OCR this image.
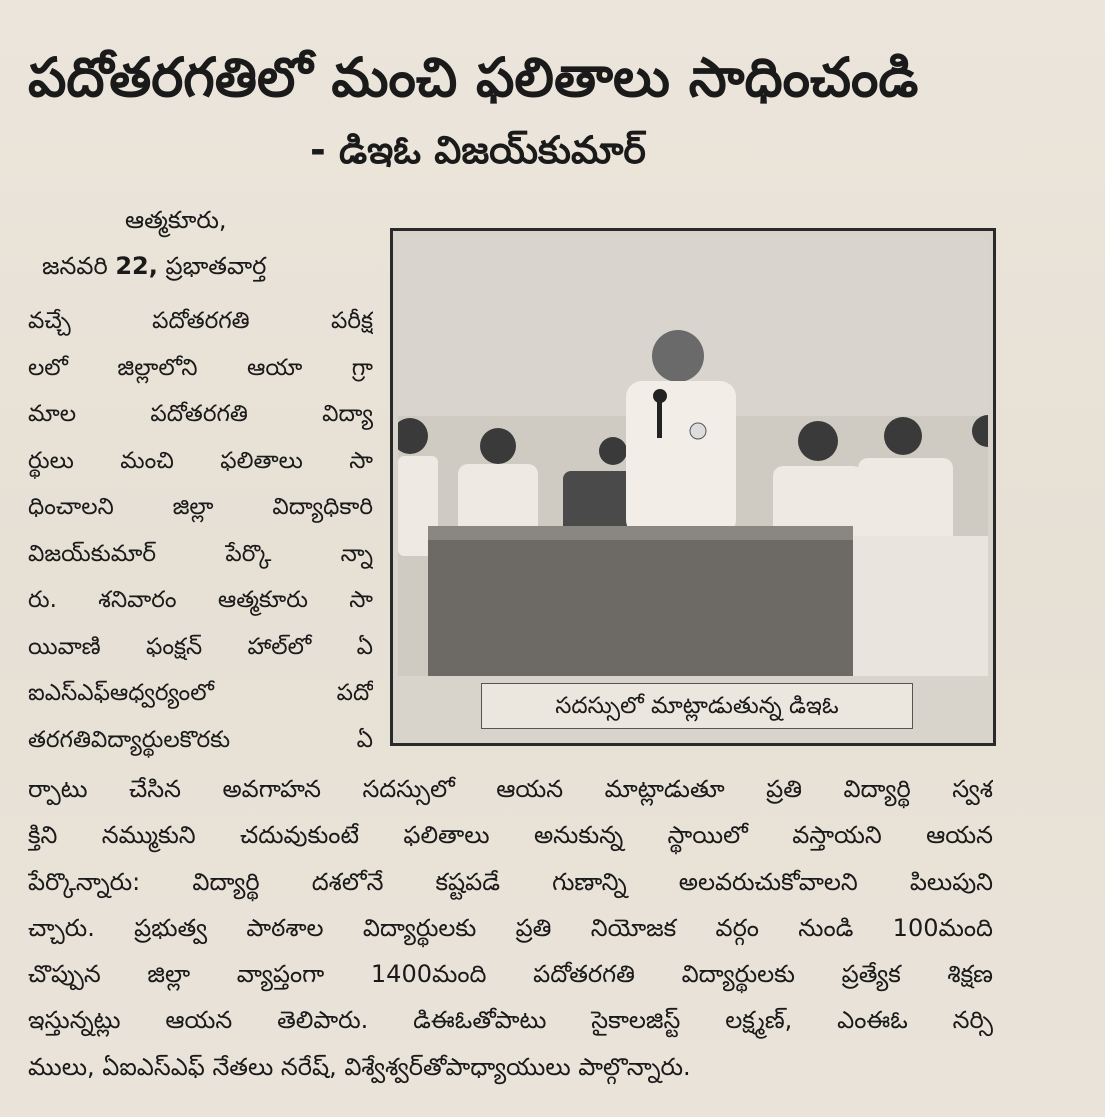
పదోతరగతిలో మంచి ఫలితాలు సాధించండి
- డిఇఓ విజయ్‌కుమార్
ఆత్మకూరు,
జనవరి 22, ప్రభాతవార్త
వచ్చే పదోతరగతి పరీక్ష
లలో జిల్లాలోని ఆయా గ్రా
మాల పదోతరగతి విద్యా
ర్థులు మంచి ఫలితాలు సా
ధించాలని జిల్లా విద్యాధికారి
విజయ్‌కుమార్ పేర్కొ న్నా
రు. శనివారం ఆత్మకూరు సా
యివాణి ఫంక్షన్ హాల్‌లో ఏ
ఐఎస్ఎఫ్ఆధ్వర్యంలో పదో
తరగతివిద్యార్థులకొరకు ఏ
సదస్సులో మాట్లాడుతున్న డిఇఓ
ర్పాటు చేసిన అవగాహన సదస్సులో ఆయన మాట్లాడుతూ ప్రతి విద్యార్థి స్వశ
క్తిని నమ్ముకుని చదువుకుంటే ఫలితాలు అనుకున్న స్థాయిలో వస్తాయని ఆయన
పేర్కొన్నారు: విద్యార్థి దశలోనే కష్టపడే గుణాన్ని అలవరుచుకోవాలని పిలుపుని
చ్చారు. ప్రభుత్వ పాఠశాల విద్యార్థులకు ప్రతి నియోజక వర్గం నుండి 100మంది
చొప్పున జిల్లా వ్యాప్తంగా 1400మంది పదోతరగతి విద్యార్థులకు ప్రత్యేక శిక్షణ
ఇస్తున్నట్లు ఆయన తెలిపారు. డిఈఓతోపాటు సైకాలజిస్ట్ లక్ష్మణ్, ఎంఈఓ నర్సి
ములు, ఏఐఎస్ఎఫ్ నేతలు నరేష్, విశ్వేశ్వర్‌తోపాధ్యాయులు పాల్గొన్నారు.
